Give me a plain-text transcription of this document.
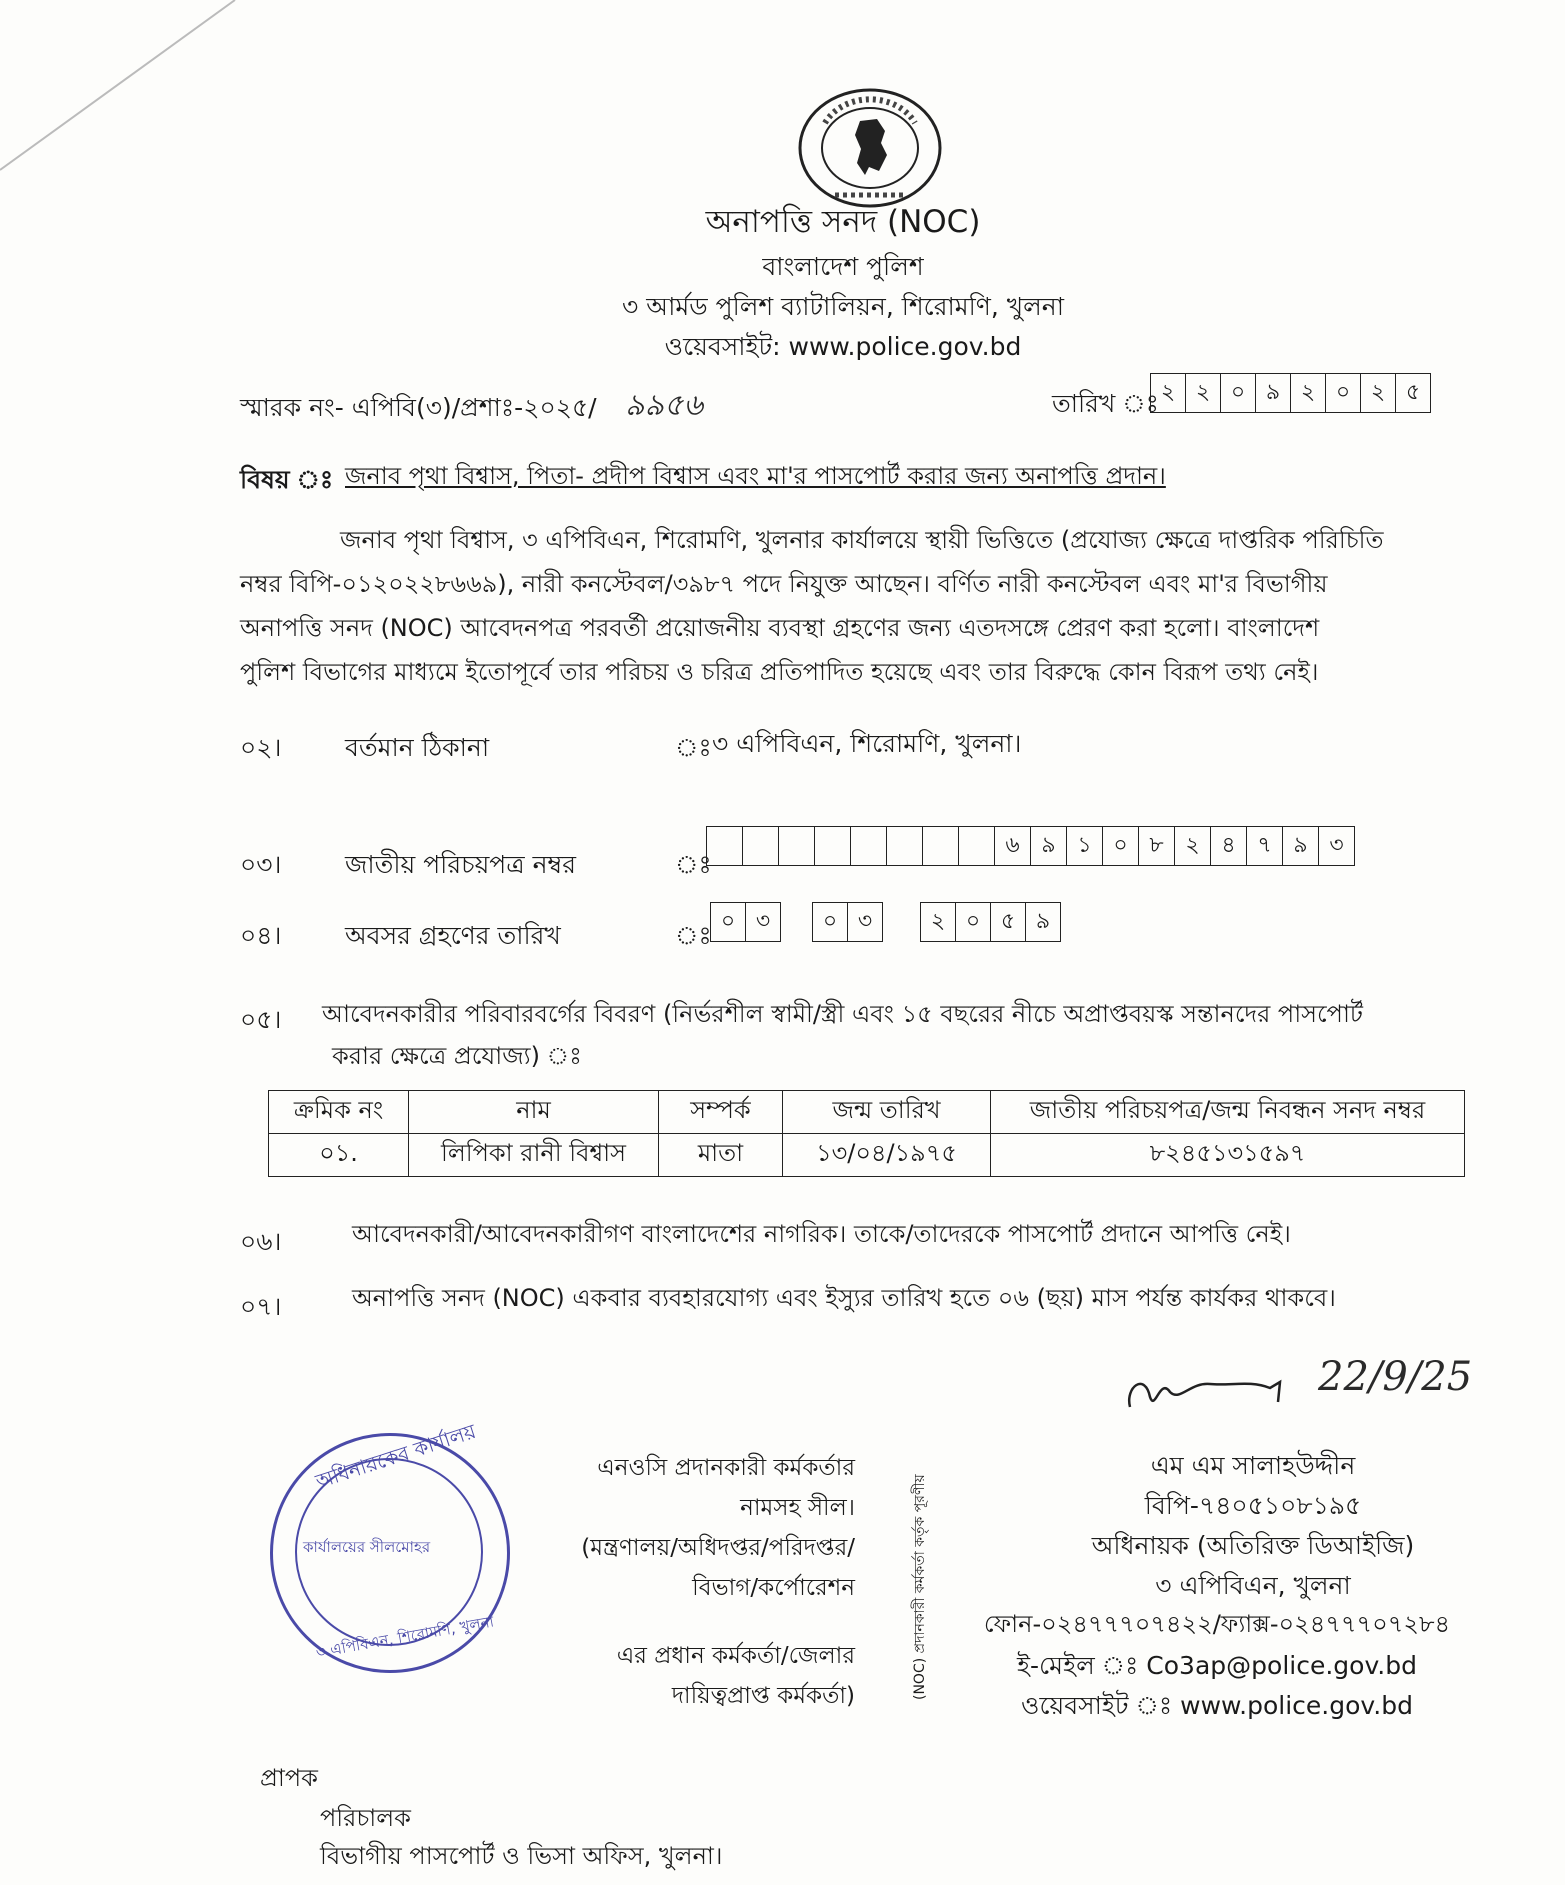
অনাপত্তি সনদ (NOC)
বাংলাদেশ পুলিশ
৩ আর্মড পুলিশ ব্যাটালিয়ন, শিরোমণি, খুলনা
ওয়েবসাইট: www.police.gov.bd
স্মারক নং- এপিবি(৩)/প্রশাঃ-২০২৫/ ৯৯৫৬	তারিখ ঃ ২ ২ ০ ৯ ২ ০ ২ ৫
বিষয় ঃ জনাব পৃথা বিশ্বাস, পিতা- প্রদীপ বিশ্বাস এবং মা'র পাসপোর্ট করার জন্য অনাপত্তি প্রদান।
জনাব পৃথা বিশ্বাস, ৩ এপিবিএন, শিরোমণি, খুলনার কার্যালয়ে স্থায়ী ভিত্তিতে (প্রযোজ্য ক্ষেত্রে দাপ্তরিক পরিচিতি
নম্বর বিপি-০১২০২২৮৬৬৯), নারী কনস্টেবল/৩৯৮৭ পদে নিযুক্ত আছেন। বর্ণিত নারী কনস্টেবল এবং মা'র বিভাগীয়
অনাপত্তি সনদ (NOC) আবেদনপত্র পরবর্তী প্রয়োজনীয় ব্যবস্থা গ্রহণের জন্য এতদসঙ্গে প্রেরণ করা হলো। বাংলাদেশ
পুলিশ বিভাগের মাধ্যমে ইতোপূর্বে তার পরিচয় ও চরিত্র প্রতিপাদিত হয়েছে এবং তার বিরুদ্ধে কোন বিরূপ তথ্য নেই।
০২।	বর্তমান ঠিকানা	ঃ ৩ এপিবিএন, শিরোমণি, খুলনা।
০৩।	জাতীয় পরিচয়পত্র নম্বর	ঃ
৬ ৯ ১ ০ ৮ ২ ৪ ৭ ৯ ৩
০৪।	অবসর গ্রহণের তারিখ	ঃ ০ ৩	০ ৩	২ ০ ৫ ৯
০৫। আবেদনকারীর পরিবারবর্গের বিবরণ (নির্ভরশীল স্বামী/স্ত্রী এবং ১৫ বছরের নীচে অপ্রাপ্তবয়স্ক সন্তানদের পাসপোর্ট
করার ক্ষেত্রে প্রযোজ্য) ঃ
ক্রমিক নং	নাম	সম্পর্ক	জন্ম তারিখ	জাতীয় পরিচয়পত্র/জন্ম নিবন্ধন সনদ নম্বর
০১.	লিপিকা রানী বিশ্বাস	মাতা	১৩/০৪/১৯৭৫	৮২৪৫১৩১৫৯৭
০৬।	আবেদনকারী/আবেদনকারীগণ বাংলাদেশের নাগরিক। তাকে/তাদেরকে পাসপোর্ট প্রদানে আপত্তি নেই।
০৭।	অনাপত্তি সনদ (NOC) একবার ব্যবহারযোগ্য এবং ইস্যুর তারিখ হতে ০৬ (ছয়) মাস পর্যন্ত কার্যকর থাকবে।
22/9/25
এম এম সালাহউদ্দীন
বিপি-৭৪০৫১০৮১৯৫
অধিনায়ক (অতিরিক্ত ডিআইজি)
৩ এপিবিএন, খুলনা
ফোন-০২৪৭৭৭০৭৪২২/ফ্যাক্স-০২৪৭৭৭০৭২৮৪
ই-মেইল ঃ Co3ap@police.gov.bd
ওয়েবসাইট ঃ www.police.gov.bd
এনওসি প্রদানকারী কর্মকর্তার
নামসহ সীল।
(মন্ত্রণালয়/অধিদপ্তর/পরিদপ্তর/
বিভাগ/কর্পোরেশন
এর প্রধান কর্মকর্তা/জেলার
দায়িত্বপ্রাপ্ত কর্মকর্তা)	(NOC) প্রদানকারী কর্মকর্তা কর্তৃক পূরণীয়
অধিনায়কের কার্যালয়
কার্যালয়ের সীলমোহর
৩ এপিবিএন, শিরোমণি, খুলনা
প্রাপক
পরিচালক
বিভাগীয় পাসপোর্ট ও ভিসা অফিস, খুলনা।
